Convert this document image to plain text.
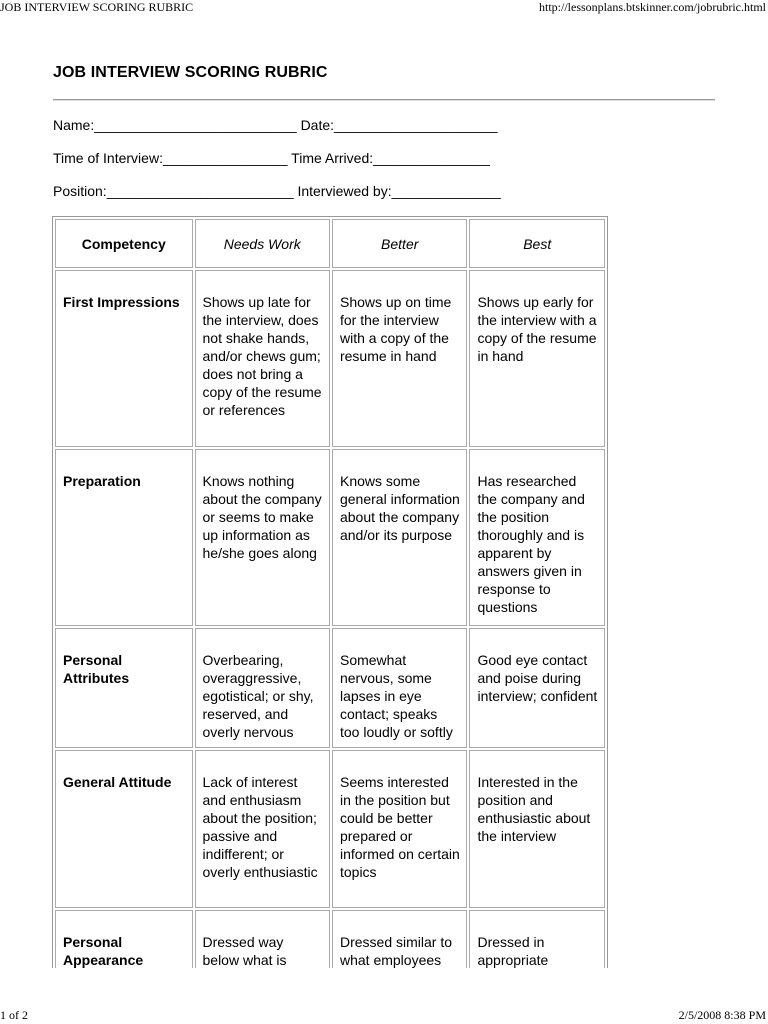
JOB INTERVIEW SCORING RUBRIC	http://lessonplans.btskinner.com/jobrubric.html
JOB INTERVIEW SCORING RUBRIC
Name:__________________________ Date:_____________________
Time of Interview:________________ Time Arrived:_______________
Position:________________________ Interviewed by:______________
Competency	Needs Work	Better	Best
First Impressions	Shows up late for the interview, does not shake hands, and/or chews gum; does not bring a copy of the resume or references	Shows up on time for the interview with a copy of the resume in hand	Shows up early for the interview with a copy of the resume in hand
Preparation	Knows nothing about the company or seems to make up information as he/she goes along	Knows some general information about the company and/or its purpose	Has researched the company and the position thoroughly and is apparent by answers given in response to questions
Personal Attributes	Overbearing, overaggressive, egotistical; or shy, reserved, and overly nervous	Somewhat nervous, some lapses in eye contact; speaks too loudly or softly	Good eye contact and poise during interview; confident
General Attitude	Lack of interest and enthusiasm about the position; passive and indifferent; or overly enthusiastic	Seems interested in the position but could be better prepared or informed on certain topics	Interested in the position and enthusiastic about the interview
Personal Appearance	Dressed way below what is	Dressed similar to what employees	Dressed in appropriate
1 of 2	2/5/2008 8:38 PM
